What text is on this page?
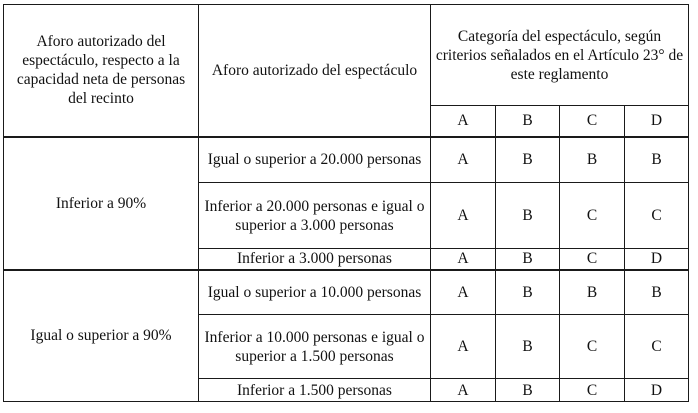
Aforo autorizado del espectáculo, respecto a la capacidad neta de personas del recinto	Aforo autorizado del espectáculo	Categoría del espectáculo, según criterios señalados en el Artículo 23° de este reglamento			
		A	B	C	D
Inferior a 90%	Igual o superior a 20.000 personas	A	B	B	B
	Inferior a 20.000 personas e igual o superior a 3.000 personas	A	B	C	C
	Inferior a 3.000 personas	A	B	C	D
Igual o superior a 90%	Igual o superior a 10.000 personas	A	B	B	B
	Inferior a 10.000 personas e igual o superior a 1.500 personas	A	B	C	C
	Inferior a 1.500 personas	A	B	C	D
